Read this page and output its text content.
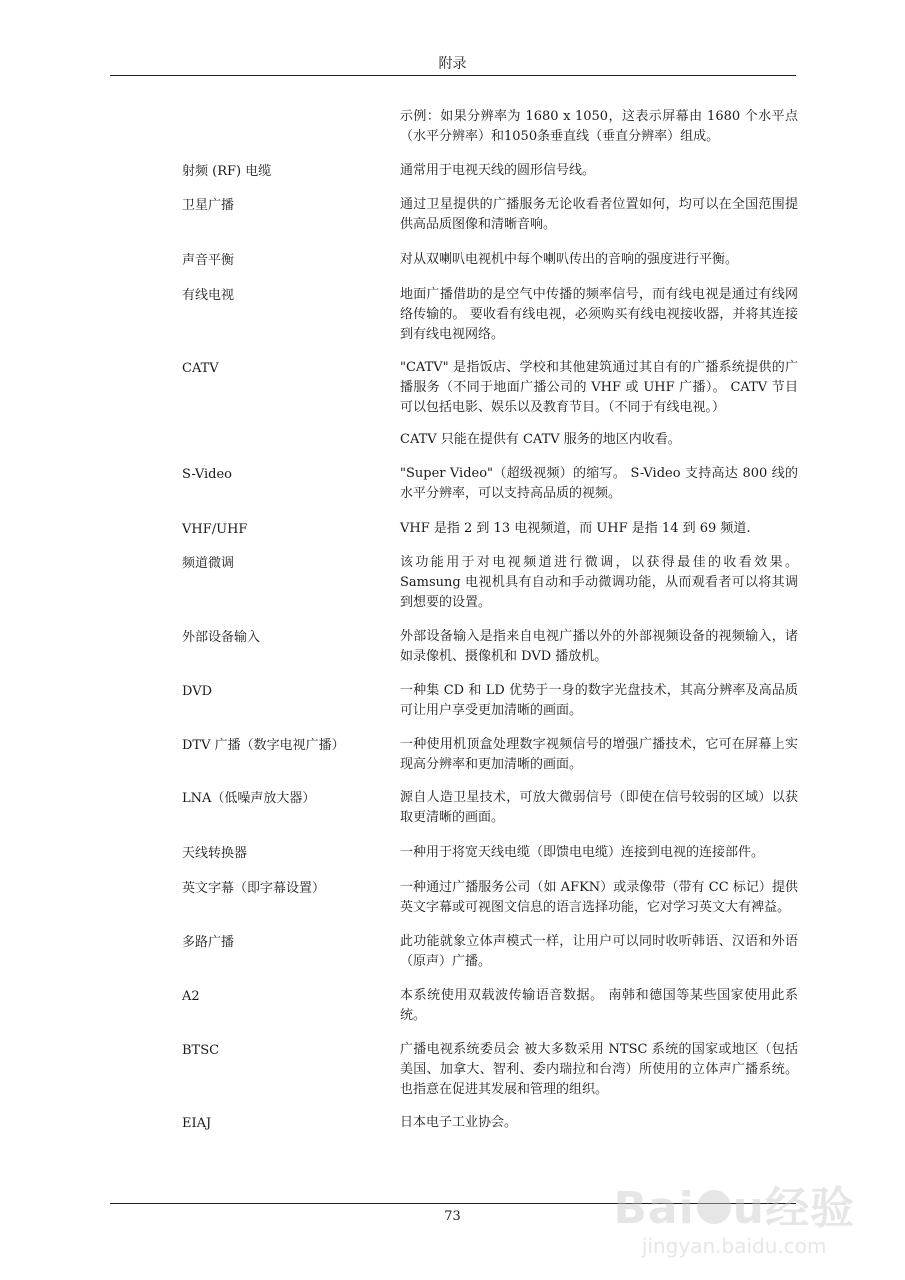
附录

示例：如果分辨率为 1680 x 1050，这表示屏幕由 1680 个水平点（水平分辨率）和1050条垂直线（垂直分辨率）组成。

射频 (RF) 电缆	通常用于电视天线的圆形信号线。

卫星广播	通过卫星提供的广播服务无论收看者位置如何，均可以在全国范围提供高品质图像和清晰音响。

声音平衡	对从双喇叭电视机中每个喇叭传出的音响的强度进行平衡。

有线电视	地面广播借助的是空气中传播的频率信号，而有线电视是通过有线网络传输的。 要收看有线电视，必须购买有线电视接收器，并将其连接到有线电视网络。

CATV	"CATV" 是指饭店、学校和其他建筑通过其自有的广播系统提供的广播服务（不同于地面广播公司的 VHF 或 UHF 广播）。 CATV 节目可以包括电影、娱乐以及教育节目。（不同于有线电视。）

CATV 只能在提供有 CATV 服务的地区内收看。

S-Video	"Super Video"（超级视频）的缩写。 S-Video 支持高达 800 线的水平分辨率，可以支持高品质的视频。

VHF/UHF	VHF 是指 2 到 13 电视频道，而 UHF 是指 14 到 69 频道.

频道微调	该功能用于对电视频道进行微调，以获得最佳的收看效果。 Samsung 电视机具有自动和手动微调功能，从而观看者可以将其调到想要的设置。

外部设备输入	外部设备输入是指来自电视广播以外的外部视频设备的视频输入，诸如录像机、摄像机和 DVD 播放机。

DVD	一种集 CD 和 LD 优势于一身的数字光盘技术，其高分辨率及高品质可让用户享受更加清晰的画面。

DTV 广播（数字电视广播）	一种使用机顶盒处理数字视频信号的增强广播技术，它可在屏幕上实现高分辨率和更加清晰的画面。

LNA（低噪声放大器）	源自人造卫星技术，可放大微弱信号（即使在信号较弱的区域）以获取更清晰的画面。

天线转换器	一种用于将宽天线电缆（即馈电电缆）连接到电视的连接部件。

英文字幕（即字幕设置）	一种通过广播服务公司（如 AFKN）或录像带（带有 CC 标记）提供英文字幕或可视图文信息的语言选择功能，它对学习英文大有裨益。

多路广播	此功能就象立体声模式一样，让用户可以同时收听韩语、汉语和外语（原声）广播。

A2	本系统使用双载波传输语音数据。 南韩和德国等某些国家使用此系统。

BTSC	广播电视系统委员会 被大多数采用 NTSC 系统的国家或地区（包括美国、加拿大、智利、委内瑞拉和台湾）所使用的立体声广播系统。 也指意在促进其发展和管理的组织。

EIAJ	日本电子工业协会。

73	Bai u经验
jingyan.baidu.com
